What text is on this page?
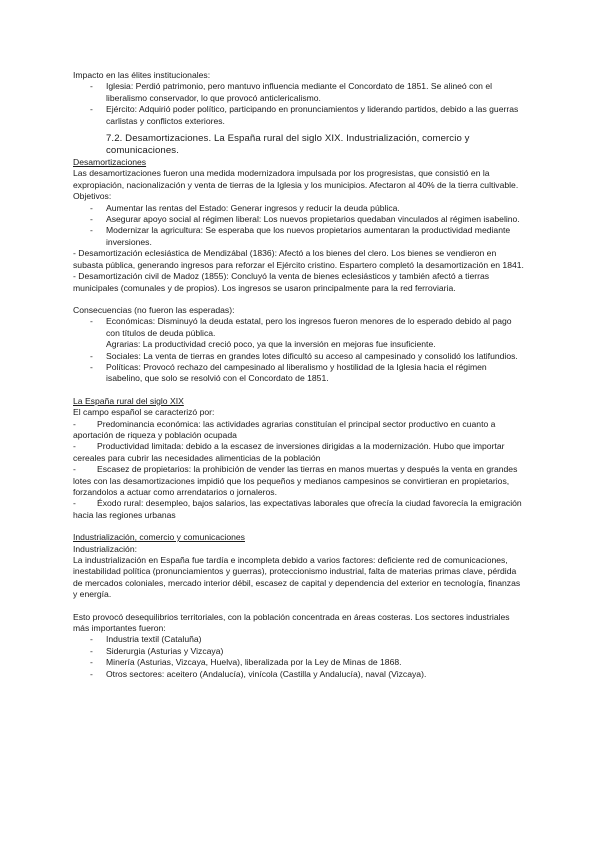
Impacto en las élites institucionales:

- Iglesia: Perdió patrimonio, pero mantuvo influencia mediante el Concordato de 1851. Se alineó con el liberalismo conservador, lo que provocó anticlericalismo.
- Ejército: Adquirió poder político, participando en pronunciamientos y liderando partidos, debido a las guerras carlistas y conflictos exteriores.

7.2. Desamortizaciones. La España rural del siglo XIX. Industrialización, comercio y comunicaciones.

Desamortizaciones

Las desamortizaciones fueron una medida modernizadora impulsada por los progresistas, que consistió en la expropiación, nacionalización y venta de tierras de la Iglesia y los municipios. Afectaron al 40% de la tierra cultivable.

Objetivos:

- Aumentar las rentas del Estado: Generar ingresos y reducir la deuda pública.
- Asegurar apoyo social al régimen liberal: Los nuevos propietarios quedaban vinculados al régimen isabelino.
- Modernizar la agricultura: Se esperaba que los nuevos propietarios aumentaran la productividad mediante inversiones.

- Desamortización eclesiástica de Mendizábal (1836): Afectó a los bienes del clero. Los bienes se vendieron en subasta pública, generando ingresos para reforzar el Ejército cristino. Espartero completó la desamortización en 1841.

- Desamortización civil de Madoz (1855): Concluyó la venta de bienes eclesiásticos y también afectó a tierras municipales (comunales y de propios). Los ingresos se usaron principalmente para la red ferroviaria.

Consecuencias (no fueron las esperadas):

- Económicas: Disminuyó la deuda estatal, pero los ingresos fueron menores de lo esperado debido al pago con títulos de deuda pública.
Agrarias: La productividad creció poco, ya que la inversión en mejoras fue insuficiente.
- Sociales: La venta de tierras en grandes lotes dificultó su acceso al campesinado y consolidó los latifundios.
- Políticas: Provocó rechazo del campesinado al liberalismo y hostilidad de la Iglesia hacia el régimen isabelino, que solo se resolvió con el Concordato de 1851.

La España rural del siglo XIX

El campo español se caracterizó por:

- Predominancia económica: las actividades agrarias constituían el principal sector productivo en cuanto a aportación de riqueza y población ocupada
- Productividad limitada: debido a la escasez de inversiones dirigidas a la modernización. Hubo que importar cereales para cubrir las necesidades alimenticias de la población
- Escasez de propietarios: la prohibición de vender las tierras en manos muertas y después la venta en grandes lotes con las desamortizaciones impidió que los pequeños y medianos campesinos se convirtieran en propietarios, forzandolos a actuar como arrendatarios o jornaleros.
- Éxodo rural: desempleo, bajos salarios, las expectativas laborales que ofrecía la ciudad favorecía la emigración hacia las regiones urbanas

Industrialización, comercio y comunicaciones

Industrialización:

La industrialización en España fue tardía e incompleta debido a varios factores: deficiente red de comunicaciones, inestabilidad política (pronunciamientos y guerras), proteccionismo industrial, falta de materias primas clave, pérdida de mercados coloniales, mercado interior débil, escasez de capital y dependencia del exterior en tecnología, finanzas y energía.

Esto provocó desequilibrios territoriales, con la población concentrada en áreas costeras. Los sectores industriales más importantes fueron:

- Industria textil (Cataluña)
- Siderurgia (Asturias y Vizcaya)
- Minería (Asturias, Vizcaya, Huelva), liberalizada por la Ley de Minas de 1868.
- Otros sectores: aceitero (Andalucía), vinícola (Castilla y Andalucía), naval (Vizcaya).
